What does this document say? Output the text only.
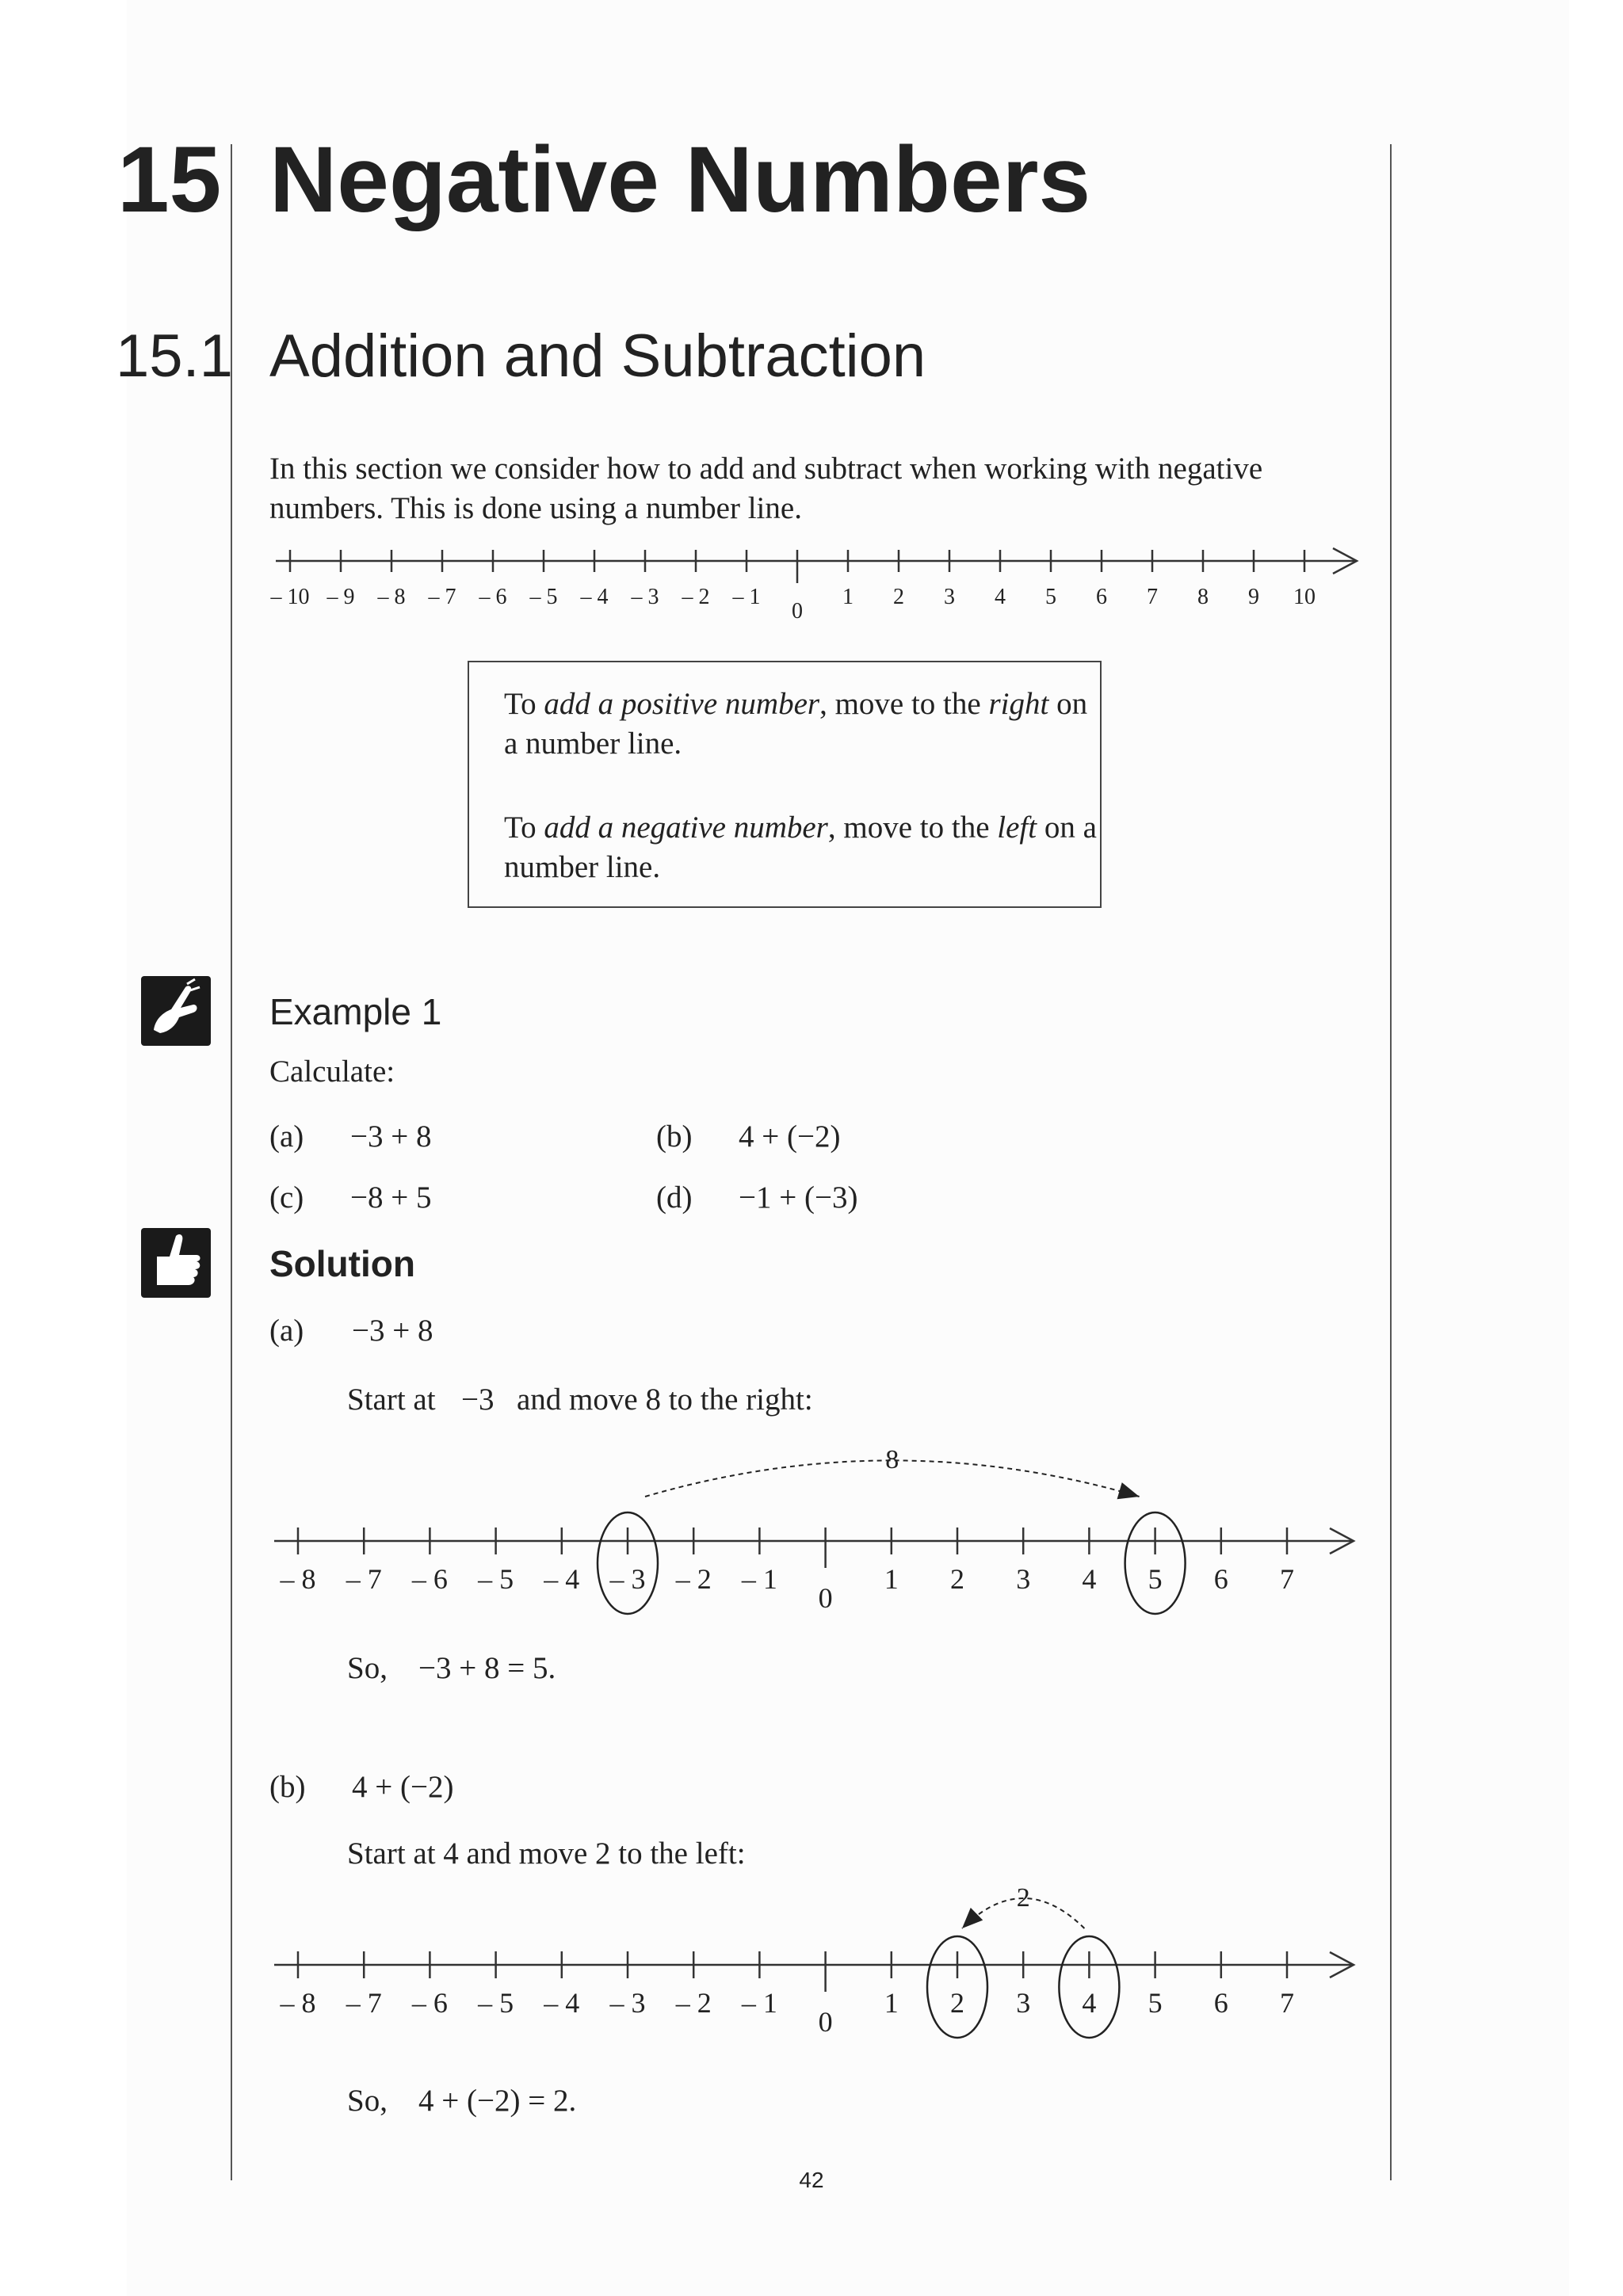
15 Negative Numbers
15.1 Addition and Subtraction

In this section we consider how to add and subtract when working with negative numbers. This is done using a number line.

– 10 – 9 – 8 – 7 – 6 – 5 – 4 – 3 – 2 – 1
0
1 2 3 4 5 6 7 8 9 10

To add a positive number, move to the right on a number line.

To add a negative number, move to the left on a number line.

Example 1

Calculate:

(a) −3 + 8	(b) 4 + (−2)
(c) −8 + 5	(d) −1 + (−3)
Solution
(a) −3 + 8
Start at −3 and move 8 to the right:
– 8 – 7 – 6 – 5 – 4 – 3 – 2 – 1
0
1 2 3 4 5 6 7
8
So, −3 + 8 = 5.
(b) 4 + (−2)
Start at 4 and move 2 to the left:
– 8 – 7 – 6 – 5 – 4 – 3 – 2 – 1
0
1 2 3 4 5 6 7
2
So, 4 + (−2) = 2.
42
